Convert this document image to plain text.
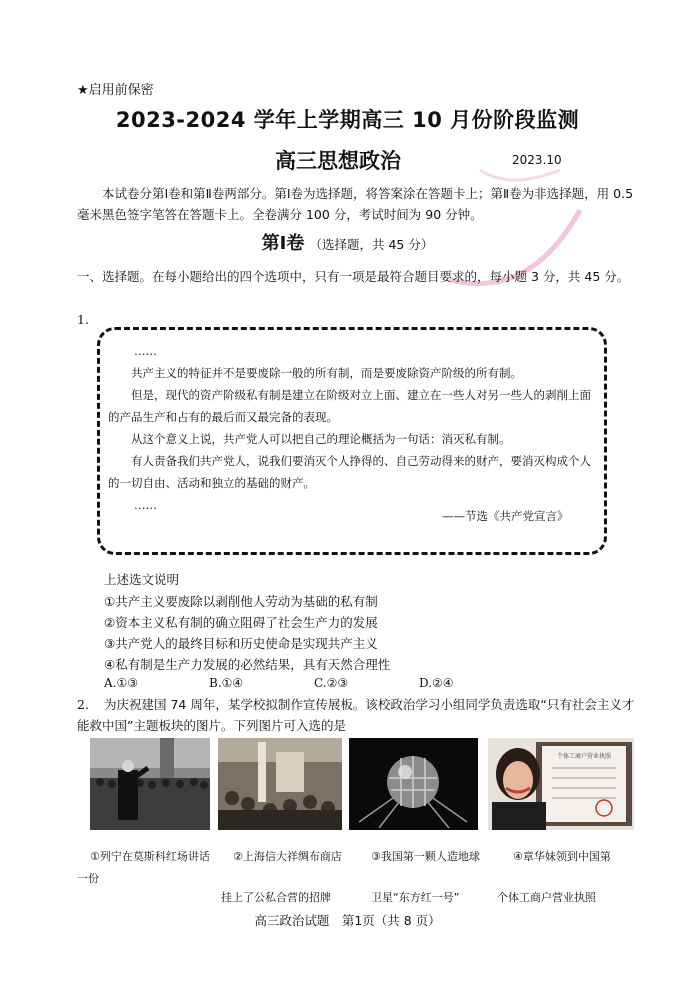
★启用前保密
2023-2024 学年上学期高三 10 月份阶段监测
高三思想政治	2023.10
本试卷分第Ⅰ卷和第Ⅱ卷两部分。第Ⅰ卷为选择题，将答案涂在答题卡上；第Ⅱ卷为非选择题，用 0.5 毫米黑色签字笔答在答题卡上。全卷满分 100 分，考试时间为 90 分钟。
第Ⅰ卷 （选择题，共 45 分）
一、选择题。在每小题给出的四个选项中，只有一项是最符合题目要求的，每小题 3 分，共 45 分。
1.
……
共产主义的特征并不是要废除一般的所有制，而是要废除资产阶级的所有制。
但是，现代的资产阶级私有制是建立在阶级对立上面、建立在一些人对另一些人的剥削上面的产品生产和占有的最后而又最完备的表现。
从这个意义上说，共产党人可以把自己的理论概括为一句话：消灭私有制。
有人责备我们共产党人，说我们要消灭个人挣得的、自己劳动得来的财产，要消灭构成个人的一切自由、活动和独立的基础的财产。
……
——节选《共产党宣言》
上述选文说明
①共产主义要废除以剥削他人劳动为基础的私有制
②资本主义私有制的确立阻碍了社会生产力的发展
③共产党人的最终目标和历史使命是实现共产主义
④私有制是生产力发展的必然结果，具有天然合理性
A.①③	B.①④	C.②③	D.②④
2. 为庆祝建国 74 周年，某学校拟制作宣传展板。该校政治学习小组同学负责选取“只有社会主义才能救中国”主题板块的图片。下列图片可入选的是
个体工商户营业执照
①列宁在莫斯科红场讲话 ②上海信大祥绸布商店	③我国第一颗人造地球	④章华妹领到中国第
一份
挂上了公私合营的招牌	卫星“东方红一号”	个体工商户营业执照
高三政治试题　第1页（共 8 页）
